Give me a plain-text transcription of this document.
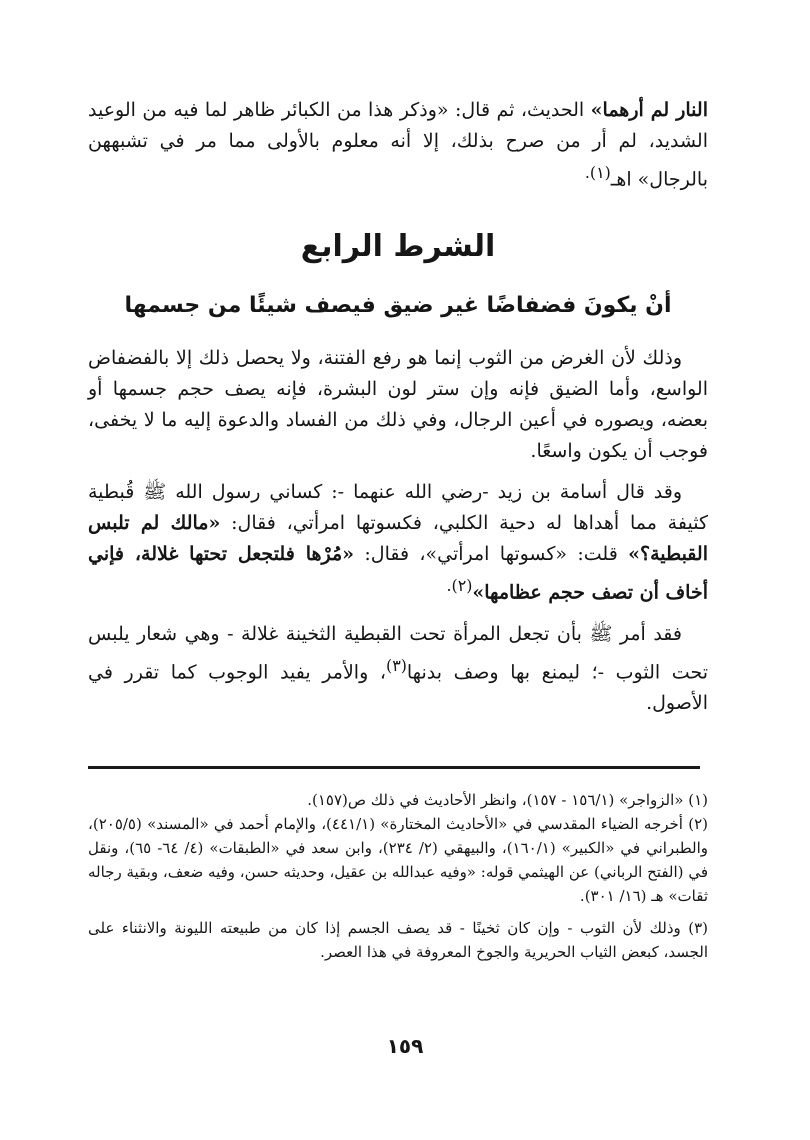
النار لم أرهما» الحديث، ثم قال: «وذكر هذا من الكبائر ظاهر لما فيه من الوعيد الشديد، لم أر من صرح بذلك، إلا أنه معلوم بالأولى مما مر في تشبههن بالرجال» اهـ$^{(١).}$

الشرط الرابع
أنْ يكونَ فضفاضًا غير ضيق فيصف شيئًا من جسمها

وذلك لأن الغرض من الثوب إنما هو رفع الفتنة، ولا يحصل ذلك إلا بالفضفاض الواسع، وأما الضيق فإنه وإن ستر لون البشرة، فإنه يصف حجم جسمها أو بعضه، ويصوره في أعين الرجال، وفي ذلك من الفساد والدعوة إليه ما لا يخفى، فوجب أن يكون واسعًا.

وقد قال أسامة بن زيد -رضي الله عنهما -: كساني رسول الله ﷺ قُبطية كثيفة مما أهداها له دحية الكلبي، فكسوتها امرأتي، فقال: «مالك لم تلبس القبطية؟» قلت: «كسوتها امرأتي»، فقال: «مُرْها فلتجعل تحتها غلالة، فإني أخاف أن تصف حجم عظامها»$^{(٢).}$

فقد أمر ﷺ بأن تجعل المرأة تحت القبطية الثخينة غلالة - وهي شعار يلبس تحت الثوب -؛ ليمنع بها وصف بدنها$^{(٣)}$، والأمر يفيد الوجوب كما تقرر في الأصول.

(١) «الزواجر» (١٥٦/١ - ١٥٧)، وانظر الأحاديث في ذلك ص(١٥٧).

(٢) أخرجه الضياء المقدسي في «الأحاديث المختارة» (٤٤١/١)، والإمام أحمد في «المسند» (٢٠٥/٥)، والطبراني في «الكبير» (١٦٠/١)، والبيهقي (٢/ ٢٣٤)، وابن سعد في «الطبقات» (٤/ ٦٤- ٦٥)، ونقل في (الفتح الرباني) عن الهيثمي قوله: «وفيه عبدالله بن عقيل، وحديثه حسن، وفيه ضعف، وبقية رجاله ثقات» هـ (١٦/ ٣٠١).

(٣) وذلك لأن الثوب - وإن كان ثخينًا - قد يصف الجسم إذا كان من طبيعته الليونة والانثناء على الجسد، كبعض الثياب الحريرية والجوخ المعروفة في هذا العصر.

١٥٩
